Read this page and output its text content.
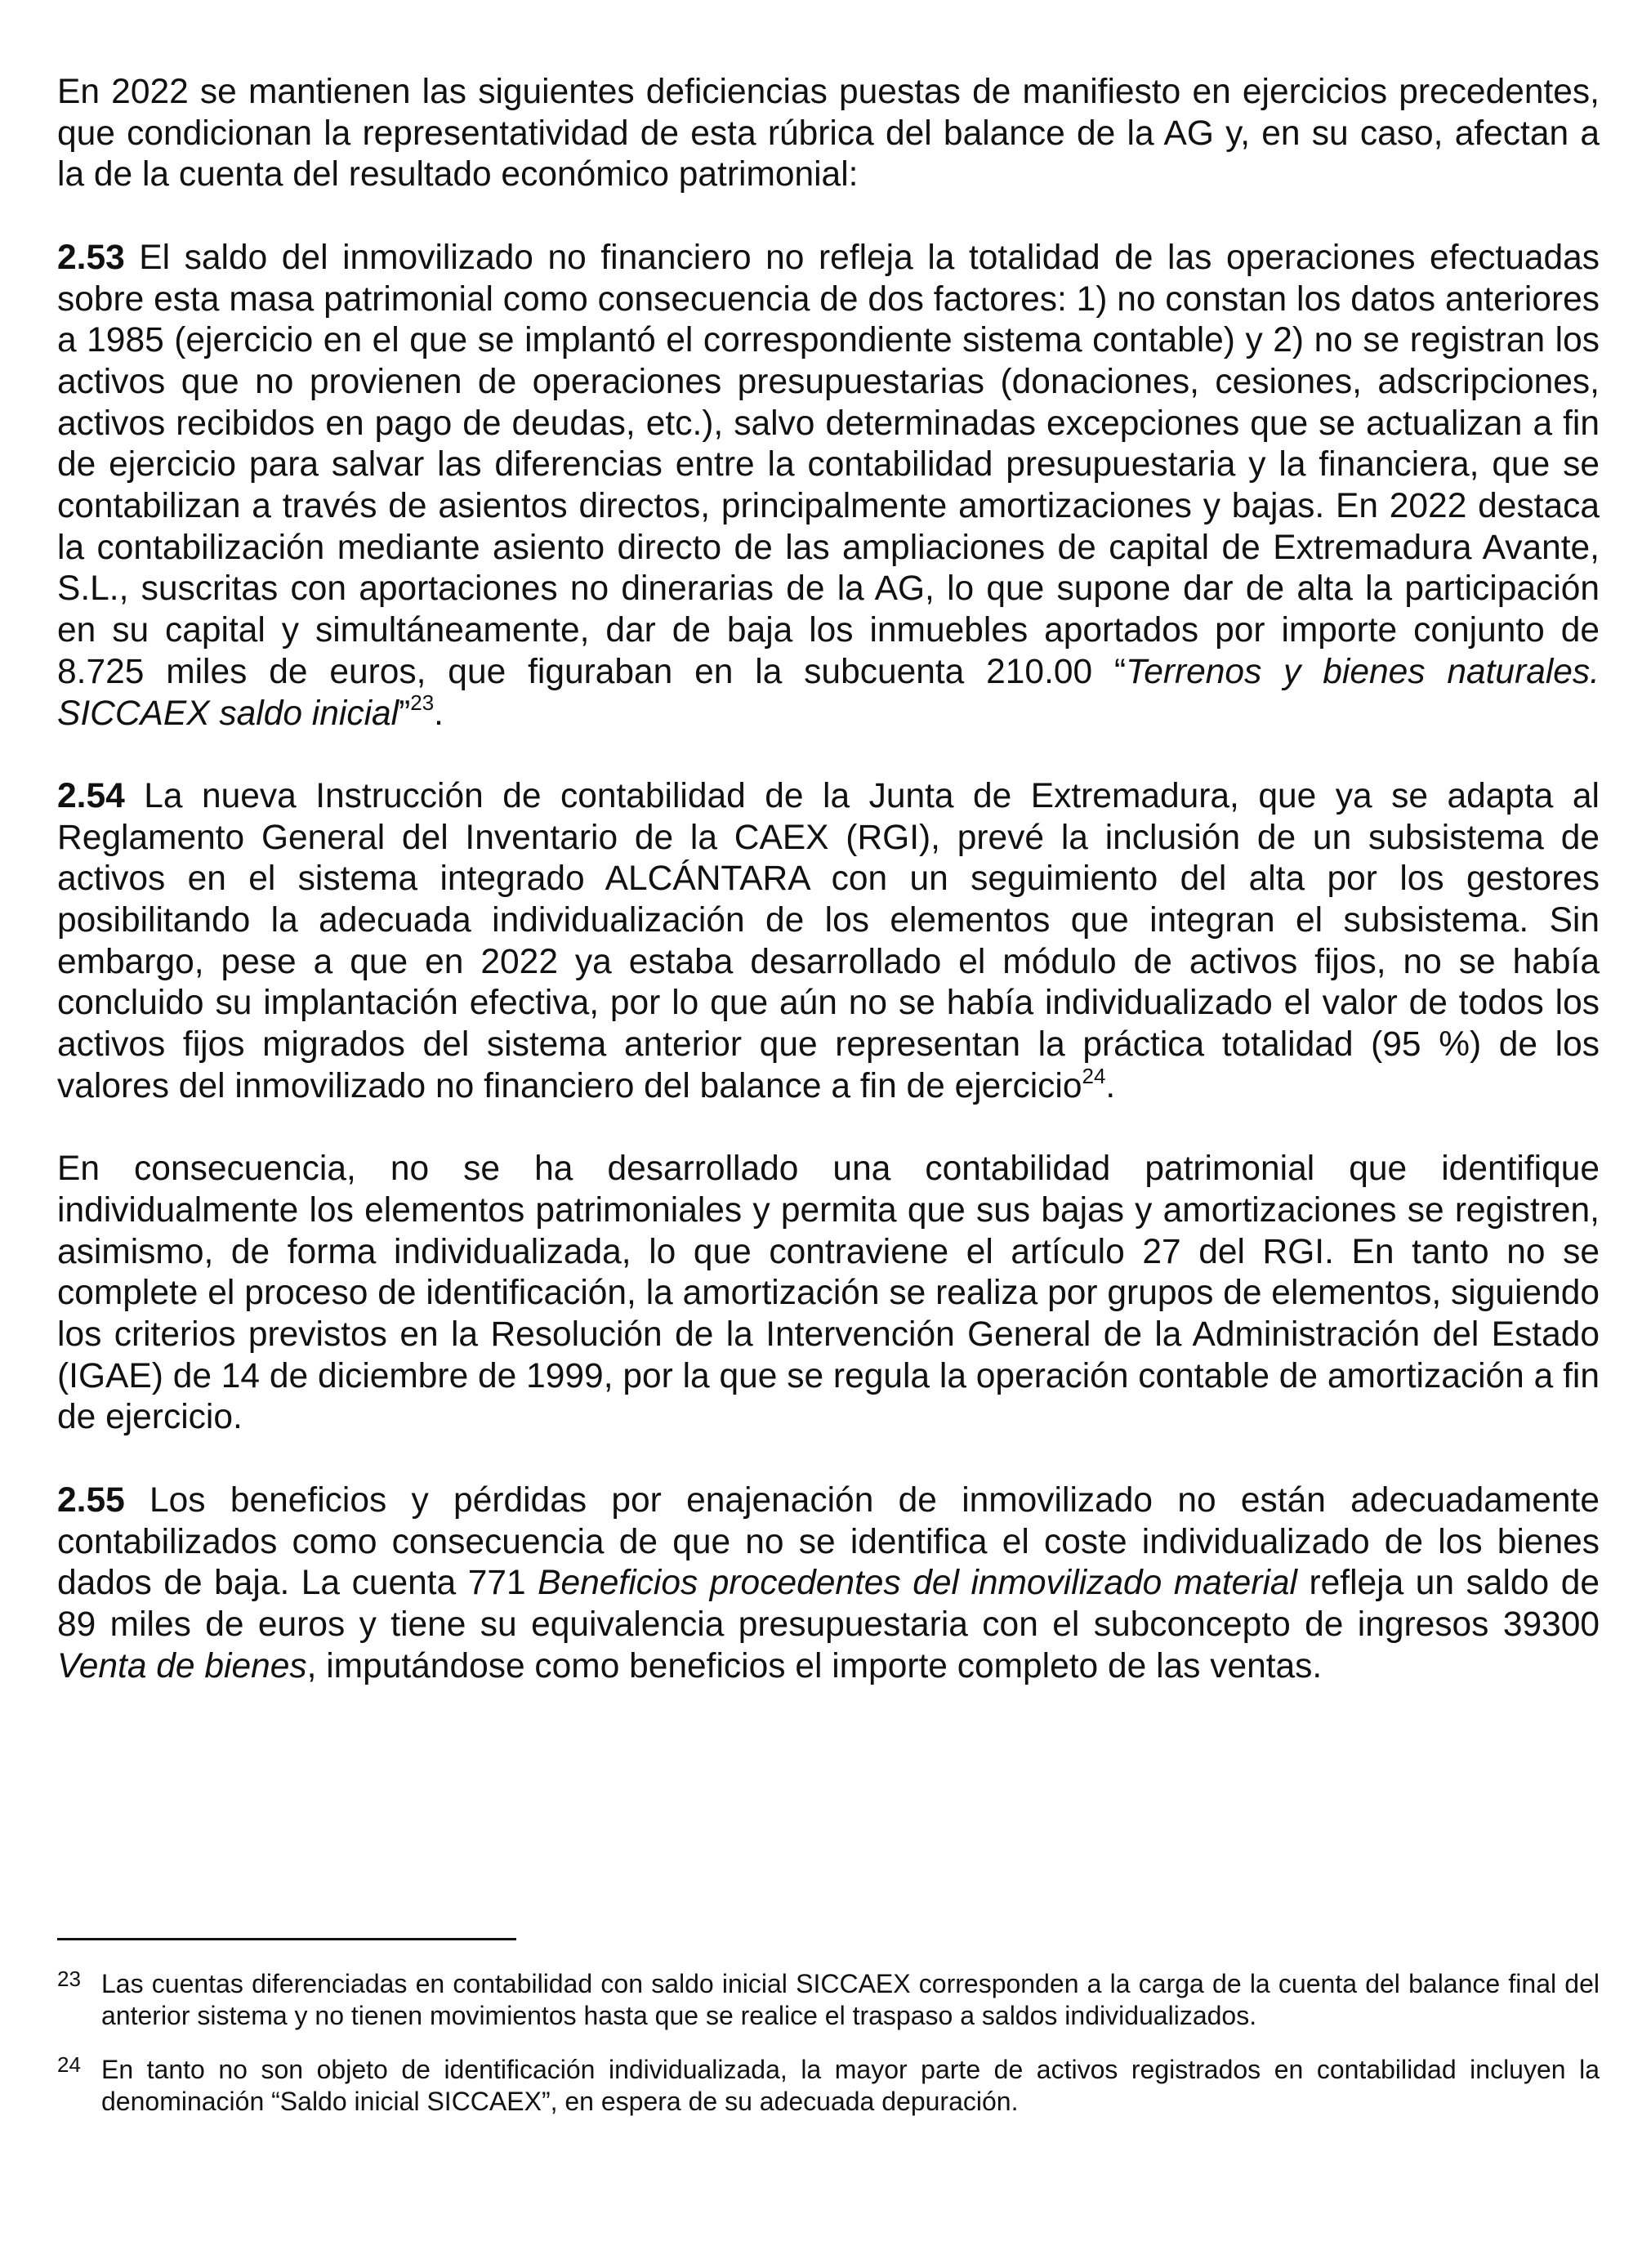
En 2022 se mantienen las siguientes deficiencias puestas de manifiesto en ejercicios precedentes, que condicionan la representatividad de esta rúbrica del balance de la AG y, en su caso, afectan a la de la cuenta del resultado económico patrimonial:

2.53 El saldo del inmovilizado no financiero no refleja la totalidad de las operaciones efectuadas sobre esta masa patrimonial como consecuencia de dos factores: 1) no constan los datos anteriores a 1985 (ejercicio en el que se implantó el correspondiente sistema contable) y 2) no se registran los activos que no provienen de operaciones presupuestarias (donaciones, cesiones, adscripciones, activos recibidos en pago de deudas, etc.), salvo determinadas excepciones que se actualizan a fin de ejercicio para salvar las diferencias entre la contabilidad presupuestaria y la financiera, que se contabilizan a través de asientos directos, principalmente amortizaciones y bajas. En 2022 destaca la contabilización mediante asiento directo de las ampliaciones de capital de Extremadura Avante, S.L., suscritas con aportaciones no dinerarias de la AG, lo que supone dar de alta la participación en su capital y simultáneamente, dar de baja los inmuebles aportados por importe conjunto de 8.725 miles de euros, que figuraban en la subcuenta 210.00 “Terrenos y bienes naturales. SICCAEX saldo inicial”$^{23}$.

2.54 La nueva Instrucción de contabilidad de la Junta de Extremadura, que ya se adapta al Reglamento General del Inventario de la CAEX (RGI), prevé la inclusión de un subsistema de activos en el sistema integrado ALCÁNTARA con un seguimiento del alta por los gestores posibilitando la adecuada individualización de los elementos que integran el subsistema. Sin embargo, pese a que en 2022 ya estaba desarrollado el módulo de activos fijos, no se había concluido su implantación efectiva, por lo que aún no se había individualizado el valor de todos los activos fijos migrados del sistema anterior que representan la práctica totalidad (95 %) de los valores del inmovilizado no financiero del balance a fin de ejercicio$^{24}$.

En consecuencia, no se ha desarrollado una contabilidad patrimonial que identifique individualmente los elementos patrimoniales y permita que sus bajas y amortizaciones se registren, asimismo, de forma individualizada, lo que contraviene el artículo 27 del RGI. En tanto no se complete el proceso de identificación, la amortización se realiza por grupos de elementos, siguiendo los criterios previstos en la Resolución de la Intervención General de la Administración del Estado (IGAE) de 14 de diciembre de 1999, por la que se regula la operación contable de amortización a fin de ejercicio.

2.55 Los beneficios y pérdidas por enajenación de inmovilizado no están adecuadamente contabilizados como consecuencia de que no se identifica el coste individualizado de los bienes dados de baja. La cuenta 771 Beneficios procedentes del inmovilizado material refleja un saldo de 89 miles de euros y tiene su equivalencia presupuestaria con el subconcepto de ingresos 39300 Venta de bienes, imputándose como beneficios el importe completo de las ventas.

23 Las cuentas diferenciadas en contabilidad con saldo inicial SICCAEX corresponden a la carga de la cuenta del balance final del anterior sistema y no tienen movimientos hasta que se realice el traspaso a saldos individualizados.
24 En tanto no son objeto de identificación individualizada, la mayor parte de activos registrados en contabilidad incluyen la denominación “Saldo inicial SICCAEX”, en espera de su adecuada depuración.
